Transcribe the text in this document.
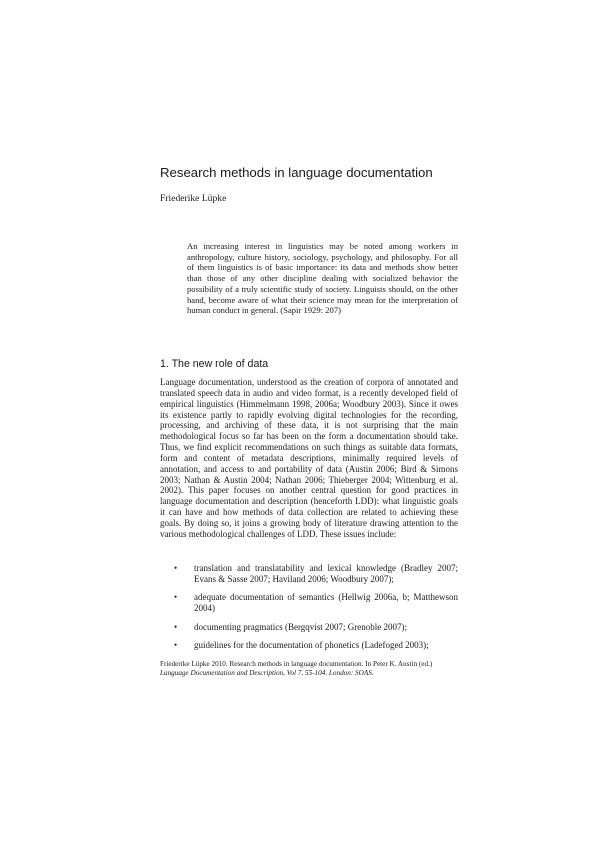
Research methods in language documentation
Friederike Lüpke
An increasing interest in linguistics may be noted among workers in anthropology, culture history, sociology, psychology, and philosophy. For all of them linguistics is of basic importance: its data and methods show better than those of any other discipline dealing with socialized behavior the possibility of a truly scientific study of society. Linguists should, on the other hand, become aware of what their science may mean for the interpretation of human conduct in general. (Sapir 1929: 207)
1. The new role of data

Language documentation, understood as the creation of corpora of annotated and translated speech data in audio and video format, is a recently developed field of empirical linguistics (Himmelmann 1998, 2006a; Woodbury 2003). Since it owes its existence partly to rapidly evolving digital technologies for the recording, processing, and archiving of these data, it is not surprising that the main methodological focus so far has been on the form a documentation should take. Thus, we find explicit recommendations on such things as suitable data formats, form and content of metadata descriptions, minimally required levels of annotation, and access to and portability of data (Austin 2006; Bird & Simons 2003; Nathan & Austin 2004; Nathan 2006; Thieberger 2004; Wittenburg et al. 2002). This paper focuses on another central question for good practices in language documentation and description (henceforth LDD): what linguistic goals it can have and how methods of data collection are related to achieving these goals. By doing so, it joins a growing body of literature drawing attention to the various methodological challenges of LDD. These issues include:

• translation and translatability and lexical knowledge (Bradley 2007; Evans & Sasse 2007; Haviland 2006; Woodbury 2007);
• adequate documentation of semantics (Hellwig 2006a, b; Matthewson 2004)
• documenting pragmatics (Bergqvist 2007; Grenoble 2007);
• guidelines for the documentation of phonetics (Ladefoged 2003);
Friederike Lüpke 2010. Research methods in language documentation. In Peter K. Austin (ed.)
Language Documentation and Description, Vol 7, 55-104. London: SOAS.
